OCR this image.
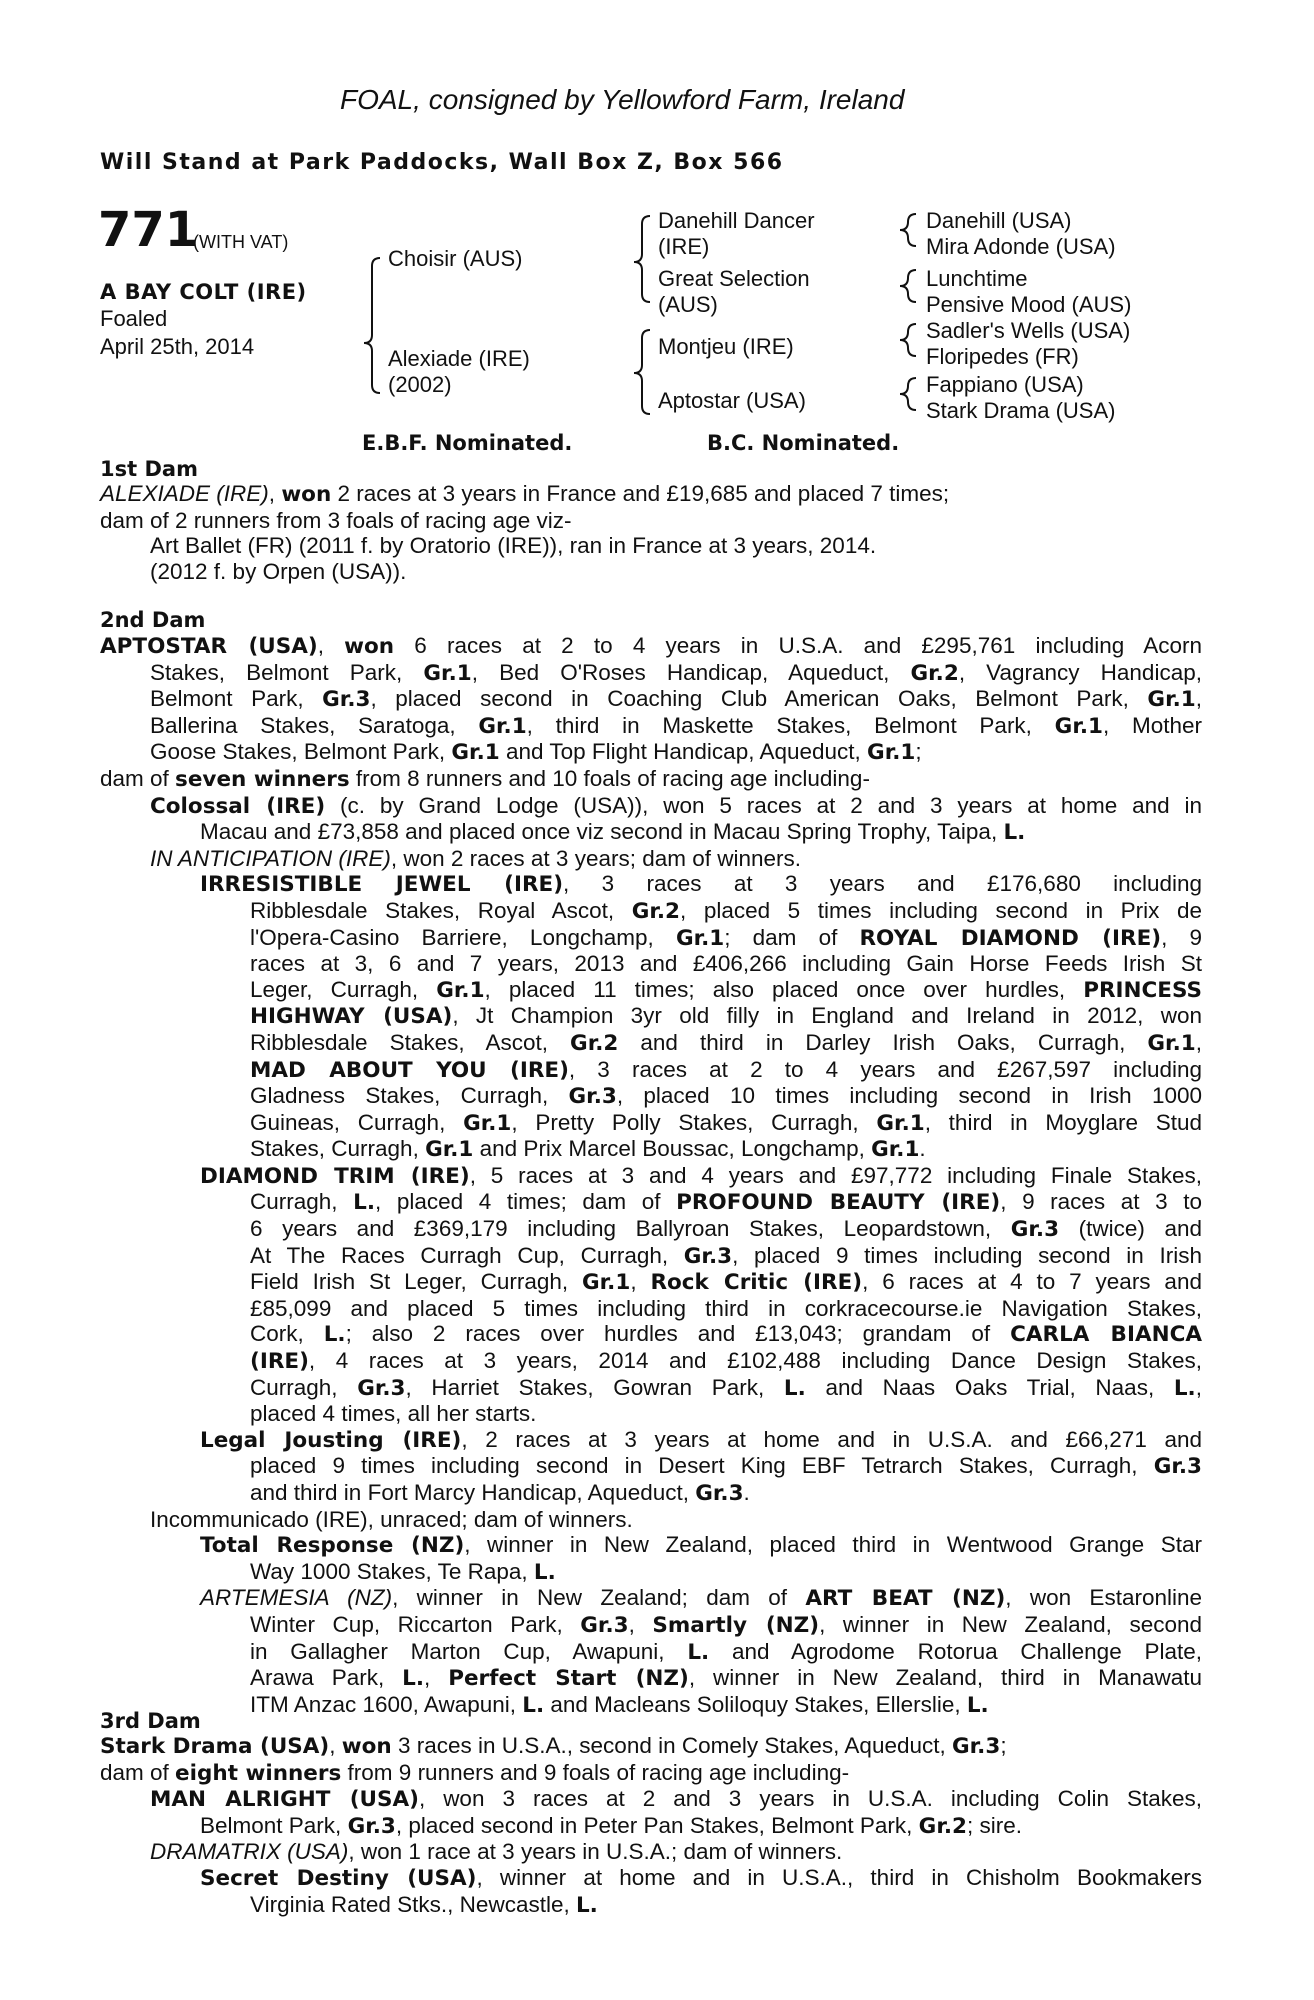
FOAL, consigned by Yellowford Farm, Ireland
Will Stand at Park Paddocks, Wall Box Z, Box 566
771
(WITH VAT)
A BAY COLT (IRE)
Foaled
April 25th, 2014
Choisir (AUS)
Alexiade (IRE)
(2002)
Danehill Dancer
(IRE)
Great Selection
(AUS)
Montjeu (IRE)
Aptostar (USA)
Danehill (USA)
Mira Adonde (USA)
Lunchtime
Pensive Mood (AUS)
Sadler's Wells (USA)
Floripedes (FR)
Fappiano (USA)
Stark Drama (USA)
E.B.F. Nominated.	B.C. Nominated.
1st Dam

ALEXIADE (IRE), won 2 races at 3 years in France and £19,685 and placed 7 times;

dam of 2 runners from 3 foals of racing age viz-

Art Ballet (FR) (2011 f. by Oratorio (IRE)), ran in France at 3 years, 2014.

(2012 f. by Orpen (USA)).

2nd Dam

APTOSTAR (USA), won 6 races at 2 to 4 years in U.S.A. and £295,761 including Acorn

Stakes, Belmont Park, Gr.1, Bed O'Roses Handicap, Aqueduct, Gr.2, Vagrancy Handicap,

Belmont Park, Gr.3, placed second in Coaching Club American Oaks, Belmont Park, Gr.1,

Ballerina Stakes, Saratoga, Gr.1, third in Maskette Stakes, Belmont Park, Gr.1, Mother

Goose Stakes, Belmont Park, Gr.1 and Top Flight Handicap, Aqueduct, Gr.1;

dam of seven winners from 8 runners and 10 foals of racing age including-

Colossal (IRE) (c. by Grand Lodge (USA)), won 5 races at 2 and 3 years at home and in

Macau and £73,858 and placed once viz second in Macau Spring Trophy, Taipa, L.

IN ANTICIPATION (IRE), won 2 races at 3 years; dam of winners.

IRRESISTIBLE JEWEL (IRE), 3 races at 3 years and £176,680 including

Ribblesdale Stakes, Royal Ascot, Gr.2, placed 5 times including second in Prix de

l'Opera-Casino Barriere, Longchamp, Gr.1; dam of ROYAL DIAMOND (IRE), 9

races at 3, 6 and 7 years, 2013 and £406,266 including Gain Horse Feeds Irish St

Leger, Curragh, Gr.1, placed 11 times; also placed once over hurdles, PRINCESS

HIGHWAY (USA), Jt Champion 3yr old filly in England and Ireland in 2012, won

Ribblesdale Stakes, Ascot, Gr.2 and third in Darley Irish Oaks, Curragh, Gr.1,

MAD ABOUT YOU (IRE), 3 races at 2 to 4 years and £267,597 including

Gladness Stakes, Curragh, Gr.3, placed 10 times including second in Irish 1000

Guineas, Curragh, Gr.1, Pretty Polly Stakes, Curragh, Gr.1, third in Moyglare Stud

Stakes, Curragh, Gr.1 and Prix Marcel Boussac, Longchamp, Gr.1.

DIAMOND TRIM (IRE), 5 races at 3 and 4 years and £97,772 including Finale Stakes,

Curragh, L., placed 4 times; dam of PROFOUND BEAUTY (IRE), 9 races at 3 to

6 years and £369,179 including Ballyroan Stakes, Leopardstown, Gr.3 (twice) and

At The Races Curragh Cup, Curragh, Gr.3, placed 9 times including second in Irish

Field Irish St Leger, Curragh, Gr.1, Rock Critic (IRE), 6 races at 4 to 7 years and

£85,099 and placed 5 times including third in corkracecourse.ie Navigation Stakes,

Cork, L.; also 2 races over hurdles and £13,043; grandam of CARLA BIANCA

(IRE), 4 races at 3 years, 2014 and £102,488 including Dance Design Stakes,

Curragh, Gr.3, Harriet Stakes, Gowran Park, L. and Naas Oaks Trial, Naas, L.,

placed 4 times, all her starts.

Legal Jousting (IRE), 2 races at 3 years at home and in U.S.A. and £66,271 and

placed 9 times including second in Desert King EBF Tetrarch Stakes, Curragh, Gr.3

and third in Fort Marcy Handicap, Aqueduct, Gr.3.

Incommunicado (IRE), unraced; dam of winners.

Total Response (NZ), winner in New Zealand, placed third in Wentwood Grange Star

Way 1000 Stakes, Te Rapa, L.

ARTEMESIA (NZ), winner in New Zealand; dam of ART BEAT (NZ), won Estaronline

Winter Cup, Riccarton Park, Gr.3, Smartly (NZ), winner in New Zealand, second

in Gallagher Marton Cup, Awapuni, L. and Agrodome Rotorua Challenge Plate,

Arawa Park, L., Perfect Start (NZ), winner in New Zealand, third in Manawatu

ITM Anzac 1600, Awapuni, L. and Macleans Soliloquy Stakes, Ellerslie, L.

3rd Dam

Stark Drama (USA), won 3 races in U.S.A., second in Comely Stakes, Aqueduct, Gr.3;

dam of eight winners from 9 runners and 9 foals of racing age including-

MAN ALRIGHT (USA), won 3 races at 2 and 3 years in U.S.A. including Colin Stakes,

Belmont Park, Gr.3, placed second in Peter Pan Stakes, Belmont Park, Gr.2; sire.

DRAMATRIX (USA), won 1 race at 3 years in U.S.A.; dam of winners.

Secret Destiny (USA), winner at home and in U.S.A., third in Chisholm Bookmakers

Virginia Rated Stks., Newcastle, L.
